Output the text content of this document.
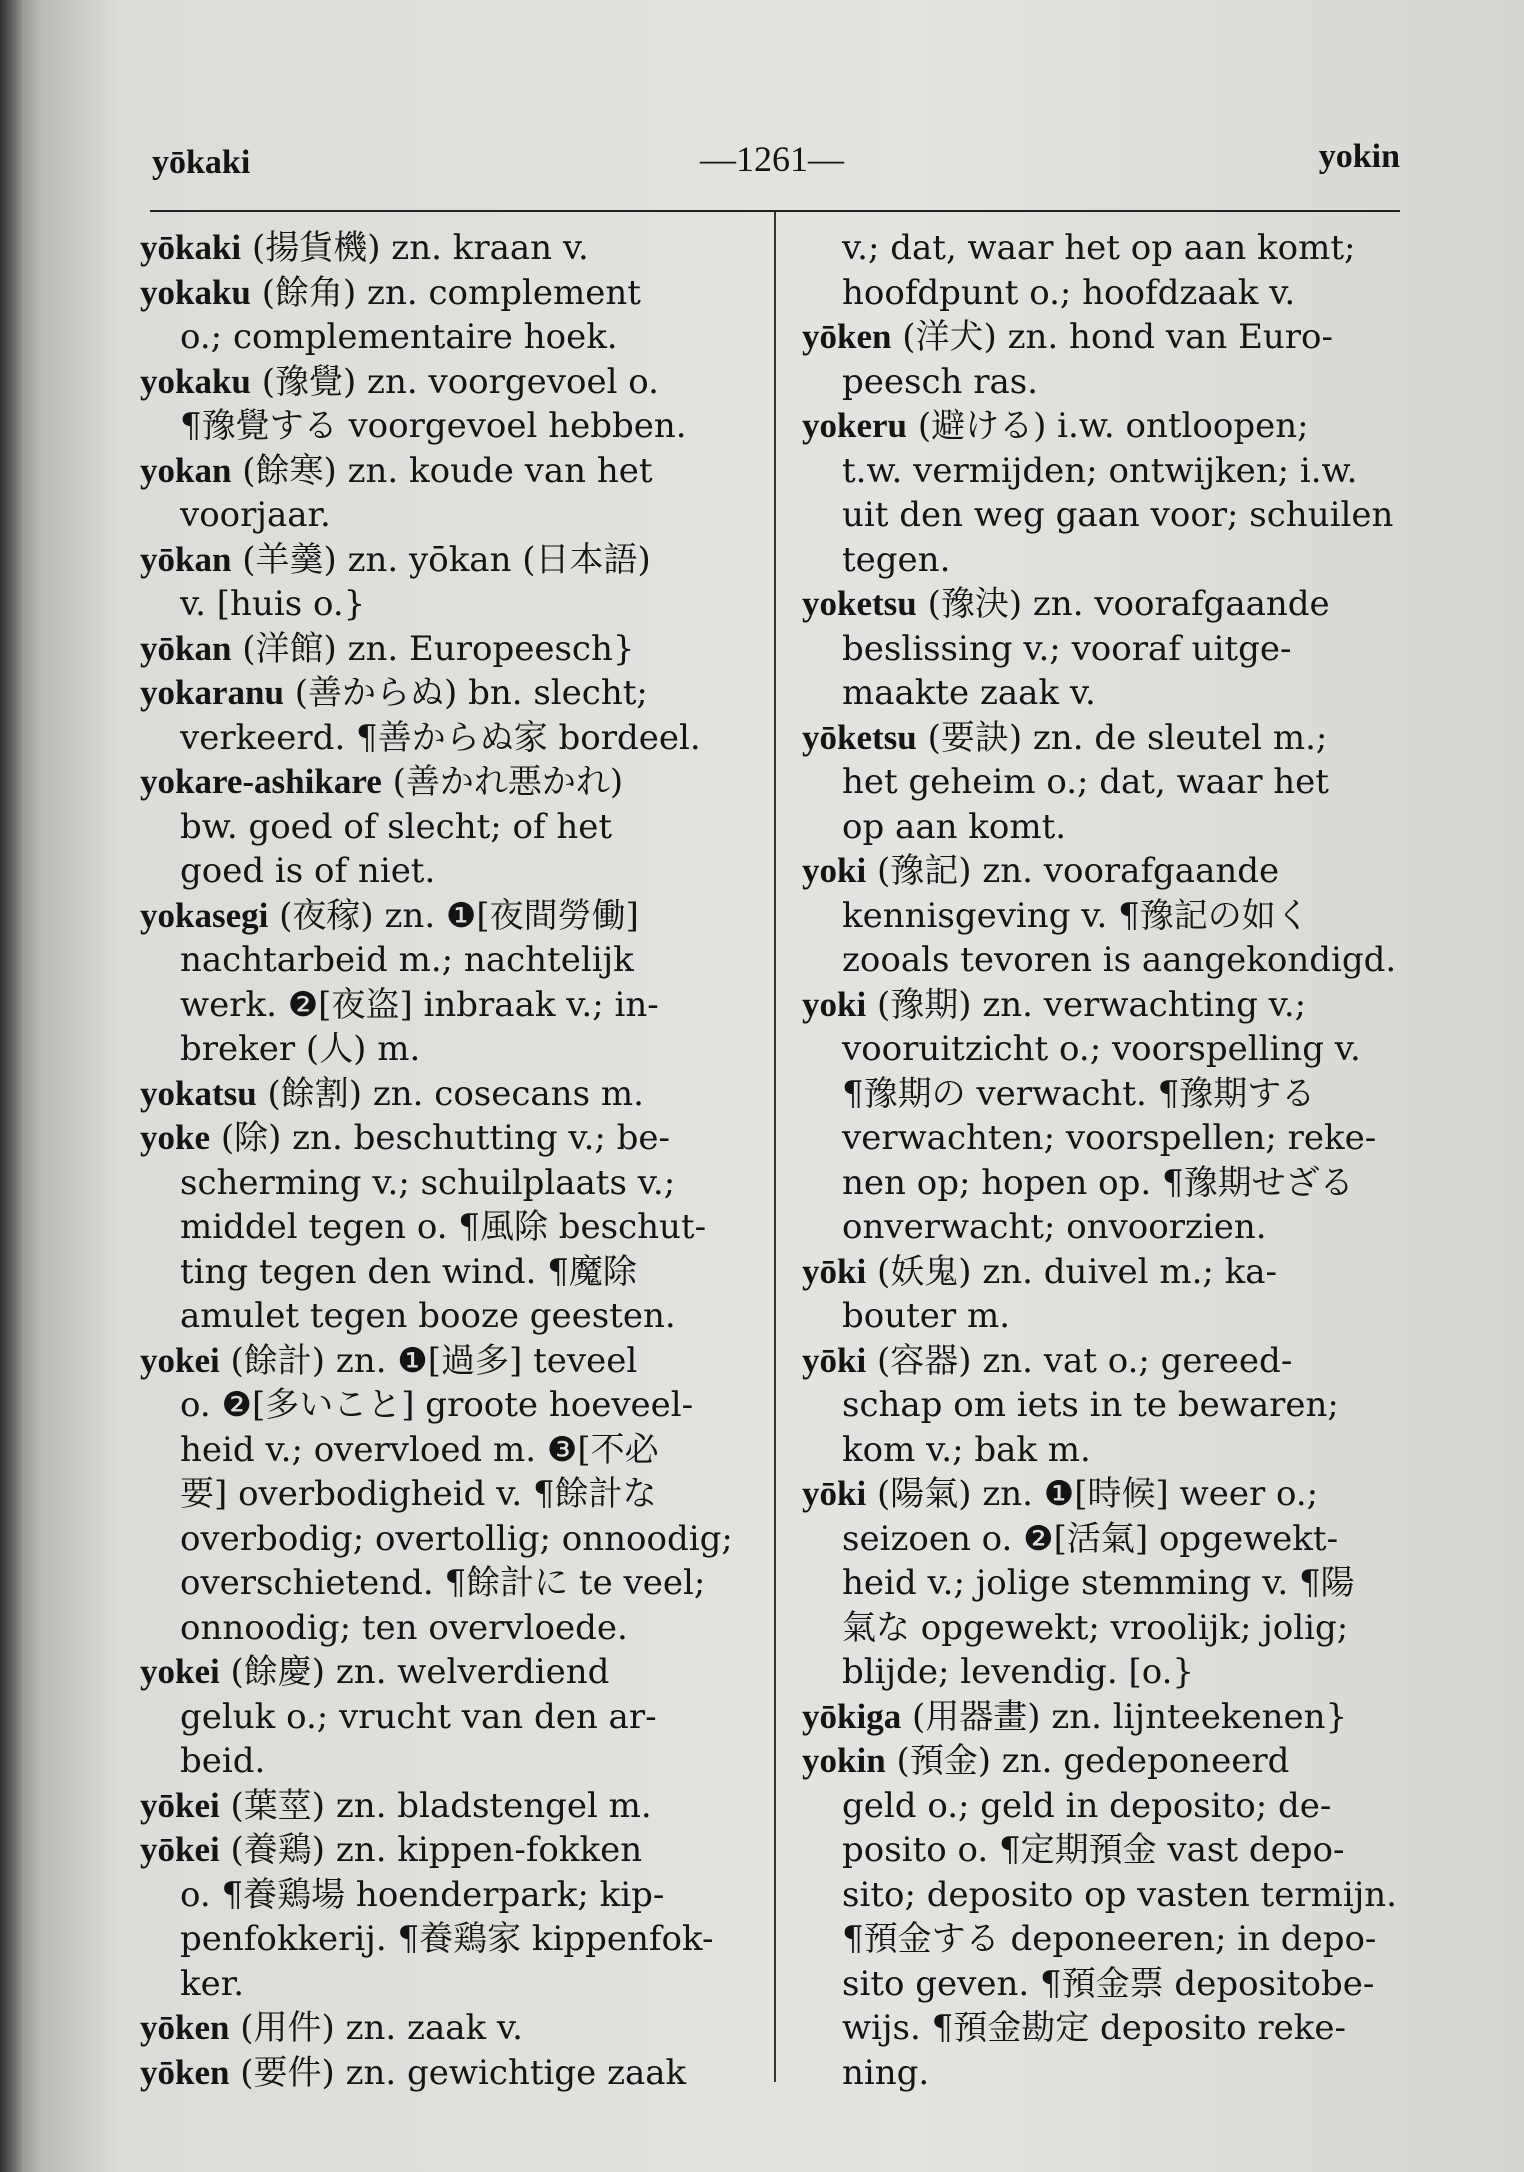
yōkaki	—1261—	yokin

yōkaki (揚貨機) zn. kraan v.

yokaku (餘角) zn. complement

o.; complementaire hoek.

yokaku (豫覺) zn. voorgevoel o.

¶豫覺する voorgevoel hebben.

yokan (餘寒) zn. koude van het

voorjaar.

yōkan (羊羹) zn. yōkan (日本語)

v. [huis o.}

yōkan (洋館) zn. Europeesch}

yokaranu (善からぬ) bn. slecht;

verkeerd. ¶善からぬ家 bordeel.

yokare-ashikare (善かれ悪かれ)

bw. goed of slecht; of het

goed is of niet.

yokasegi (夜稼) zn. ❶[夜間勞働]

nachtarbeid m.; nachtelijk

werk. ❷[夜盗] inbraak v.; in-

breker (人) m.

yokatsu (餘割) zn. cosecans m.

yoke (除) zn. beschutting v.; be-

scherming v.; schuilplaats v.;

middel tegen o. ¶風除 beschut-

ting tegen den wind. ¶魔除

amulet tegen booze geesten.

yokei (餘計) zn. ❶[過多] teveel

o. ❷[多いこと] groote hoeveel-

heid v.; overvloed m. ❸[不必

要] overbodigheid v. ¶餘計な

overbodig; overtollig; onnoodig;

overschietend. ¶餘計に te veel;

onnoodig; ten overvloede.

yokei (餘慶) zn. welverdiend

geluk o.; vrucht van den ar-

beid.

yōkei (葉莖) zn. bladstengel m.

yōkei (養鶏) zn. kippen-fokken

o. ¶養鶏場 hoenderpark; kip-

penfokkerij. ¶養鶏家 kippenfok-

ker.

yōken (用件) zn. zaak v.

yōken (要件) zn. gewichtige zaak

v.; dat, waar het op aan komt;

hoofdpunt o.; hoofdzaak v.

yōken (洋犬) zn. hond van Euro-

peesch ras.

yokeru (避ける) i.w. ontloopen;

t.w. vermijden; ontwijken; i.w.

uit den weg gaan voor; schuilen

tegen.

yoketsu (豫決) zn. voorafgaande

beslissing v.; vooraf uitge-

maakte zaak v.

yōketsu (要訣) zn. de sleutel m.;

het geheim o.; dat, waar het

op aan komt.

yoki (豫記) zn. voorafgaande

kennisgeving v. ¶豫記の如く

zooals tevoren is aangekondigd.

yoki (豫期) zn. verwachting v.;

vooruitzicht o.; voorspelling v.

¶豫期の verwacht. ¶豫期する

verwachten; voorspellen; reke-

nen op; hopen op. ¶豫期せざる

onverwacht; onvoorzien.

yōki (妖鬼) zn. duivel m.; ka-

bouter m.

yōki (容器) zn. vat o.; gereed-

schap om iets in te bewaren;

kom v.; bak m.

yōki (陽氣) zn. ❶[時候] weer o.;

seizoen o. ❷[活氣] opgewekt-

heid v.; jolige stemming v. ¶陽

氣な opgewekt; vroolijk; jolig;

blijde; levendig. [o.}

yōkiga (用器畫) zn. lijnteekenen}

yokin (預金) zn. gedeponeerd

geld o.; geld in deposito; de-

posito o. ¶定期預金 vast depo-

sito; deposito op vasten termijn.

¶預金する deponeeren; in depo-

sito geven. ¶預金票 depositobe-

wijs. ¶預金勘定 deposito reke-

ning.
